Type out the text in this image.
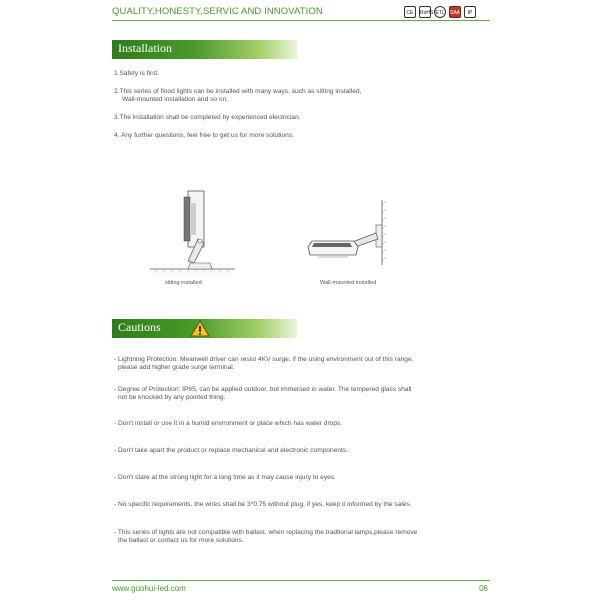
QUALITY,HONESTY,SERVIC AND INNOVATION	CE	RoHS ETL SAA	IP
Installation
1.Safety is first.
2.This series of flood lights can be installed with many ways, such as sitting installed,
Wall-mounted installation and so on.
3.The installation shall be completed by experienced electrician.
4. Any further questions, feel free to get us for more solutions.
sitting installed	Wall-mounted installed
Cautions
- Lightning Protection: Meanwell driver can resist 4KV surge, if the using environment out of this range,
please add higher grade surge terminal.
- Degree of Protection: IP65, can be applied outdoor, but immersed in water. The tempered glass shall
not be knocked by any pointed thing.
- Don't install or use it in a humid environment or place which has water drops.
- Don't take apart the product or replace mechanical and electronic components.
- Don't stare at the strong light for a long time as it may cause injury to eyes.
- No specific requirements, the wires shall be 3*0.75 without plug, if yes, keep it informed by the sales.
- This series of lights are not compatible with ballast, when replacing the tradtional lamps,please remove
the ballast or contact us for more solutions.
www.guohui-led.com	06
